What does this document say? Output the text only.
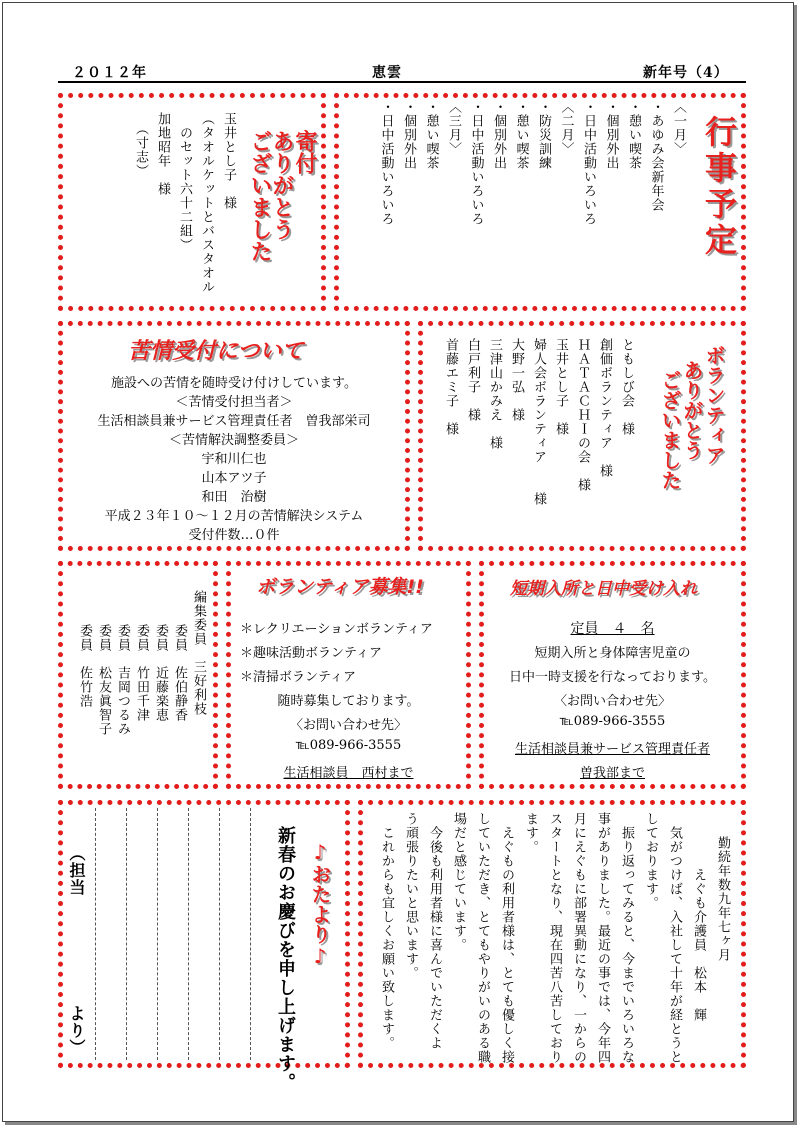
２０１２年	恵雲	新年号（4）
寄付
ありがとう
ございました
玉井とし子　様
（タオルケットとバスタオル
　のセット六十二組）
加地昭年　様
（寸志）	行事予定
〈一月〉
・あゆみ会新年会
・憩い喫茶
・個別外出
・日中活動いろいろ
〈二月〉
・防災訓練
・憩い喫茶
・個別外出
・日中活動いろいろ
〈三月〉
・憩い喫茶
・個別外出
・日中活動いろいろ
苦情受付について
施設への苦情を随時受け付けしています。
＜苦情受付担当者＞
生活相談員兼サービス管理責任者　曽我部栄司
＜苦情解決調整委員＞
宇和川仁也
山本アツ子
和田　治樹
平成２３年１０～１２月の苦情解決システム
受付件数…０件
ボランティア
ありがとう
ございました
ともしび会　様
創価ボランティア　様
ＨＡＴＡＣＨＩの会　様
玉井とし子　様
婦人会ボランティア　　様
大野一弘　様
三津山かみえ　様
白戸利子　様
首藤エミ子　様
編集委員　三好利枝
委員　佐伯静香
委員　近藤楽恵
委員　竹田千津
委員　吉岡つるみ
委員　松友眞智子
委員　佐竹浩
ボランティア募集!!
＊レクリエーションボランティア
＊趣味活動ボランティア
＊清掃ボランティア
随時募集しております。
〈お問い合わせ先〉
℡089-966-3555
生活相談員　西村まで
短期入所と日中受け入れ
定員　４　名
短期入所と身体障害児童の
日中一時支援を行なっております。
〈お問い合わせ先〉
℡089-966-3555
生活相談員兼サービス管理責任者
曽我部まで
♪おたより♪
新春のお慶びを申し上げます。
（担当
より）
勤続年数九年七ヶ月
えぐも介護員　松本　輝
　気がつけば、入社して十年が経とうと
しております。
　振り返ってみると、今までいろいろな
事がありました。最近の事では、今年四
月にえぐもに部署異動になり、一からの
スタートとなり、現在四苦八苦しており
ます。
　えぐもの利用者様は、とても優しく接
していただき、とてもやりがいのある職
場だと感じています。
　今後も利用者様に喜んでいただくよ
う頑張りたいと思います。
　これからも宜しくお願い致します。
